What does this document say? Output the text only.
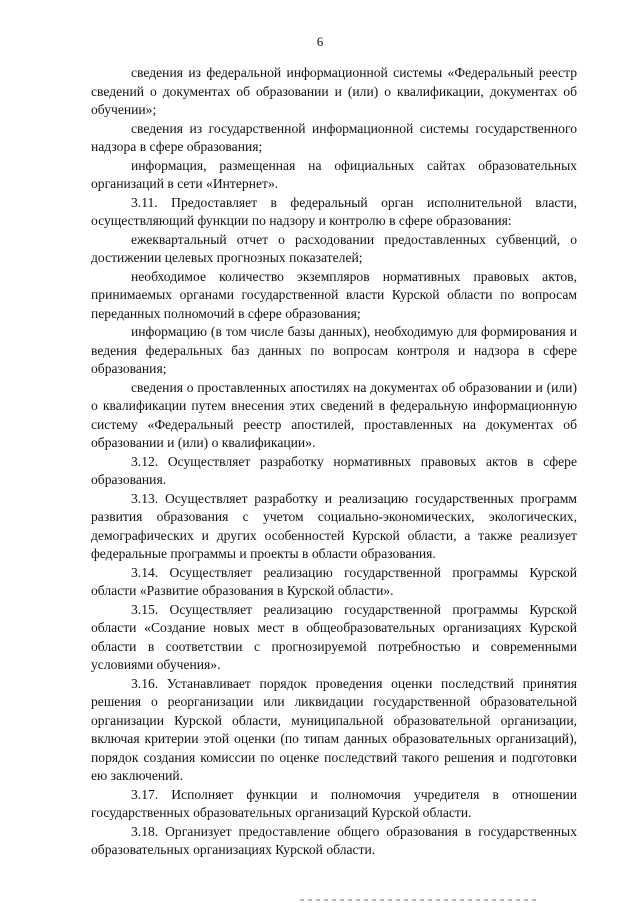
6

сведения из федеральной информационной системы «Федеральный реестр сведений о документах об образовании и (или) о квалификации, документах об обучении»;

сведения из государственной информационной системы государственного надзора в сфере образования;

информация, размещенная на официальных сайтах образовательных организаций в сети «Интернет».

3.11. Предоставляет в федеральный орган исполнительной власти, осуществляющий функции по надзору и контролю в сфере образования:

ежеквартальный отчет о расходовании предоставленных субвенций, о достижении целевых прогнозных показателей;

необходимое количество экземпляров нормативных правовых актов, принимаемых органами государственной власти Курской области по вопросам переданных полномочий в сфере образования;

информацию (в том числе базы данных), необходимую для формирования и ведения федеральных баз данных по вопросам контроля и надзора в сфере образования;

сведения о проставленных апостилях на документах об образовании и (или) о квалификации путем внесения этих сведений в федеральную информационную систему «Федеральный реестр апостилей, проставленных на документах об образовании и (или) о квалификации».

3.12. Осуществляет разработку нормативных правовых актов в сфере образования.

3.13. Осуществляет разработку и реализацию государственных программ развития образования с учетом социально-экономических, экологических, демографических и других особенностей Курской области, а также реализует федеральные программы и проекты в области образования.

3.14. Осуществляет реализацию государственной программы Курской области «Развитие образования в Курской области».

3.15. Осуществляет реализацию государственной программы Курской области «Создание новых мест в общеобразовательных организациях Курской области в соответствии с прогнозируемой потребностью и современными условиями обучения».

3.16. Устанавливает порядок проведения оценки последствий принятия решения о реорганизации или ликвидации государственной образовательной организации Курской области, муниципальной образовательной организации, включая критерии этой оценки (по типам данных образовательных организаций), порядок создания комиссии по оценке последствий такого решения и подготовки ею заключений.

3.17. Исполняет функции и полномочия учредителя в отношении государственных образовательных организаций Курской области.

3.18. Организует предоставление общего образования в государственных образовательных организациях Курской области.
